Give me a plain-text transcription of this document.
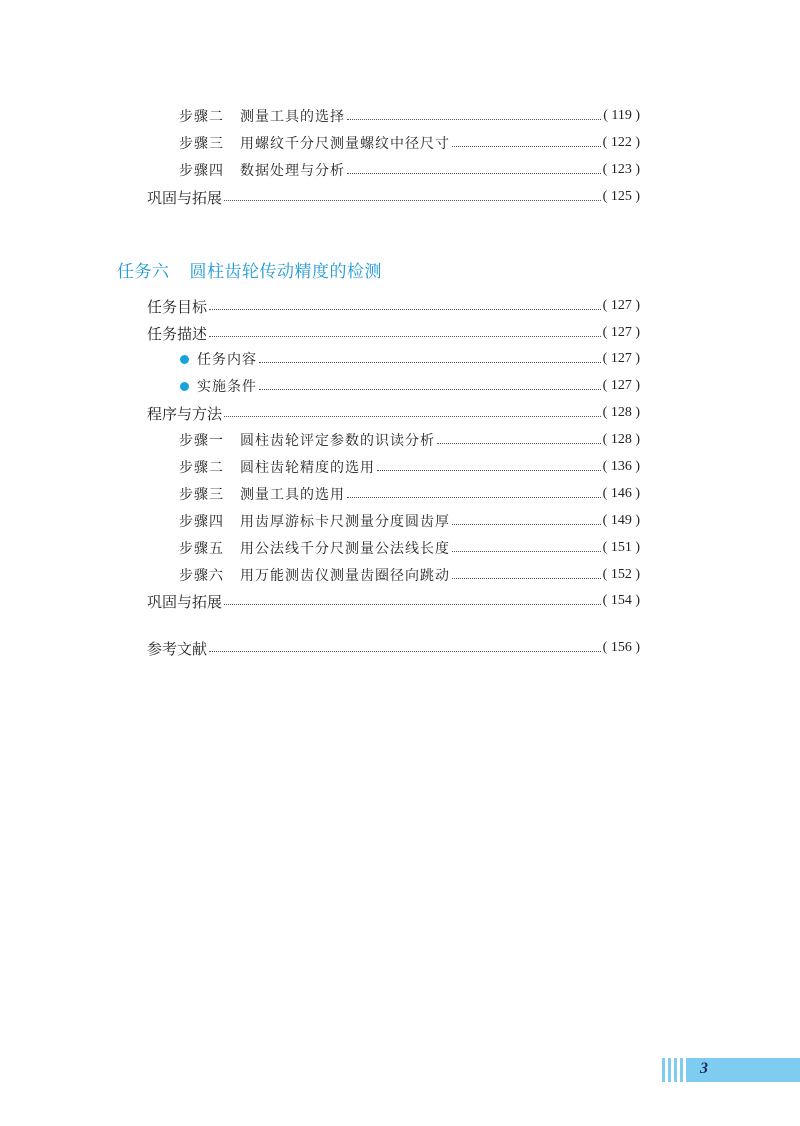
步骤二 测量工具的选择	( 119 )
步骤三 用螺纹千分尺测量螺纹中径尺寸	( 122 )
步骤四 数据处理与分析	( 123 )
巩固与拓展	( 125 )
任务六 圆柱齿轮传动精度的检测
任务目标	( 127 )
任务描述	( 127 )
任务内容	( 127 )
实施条件	( 127 )
程序与方法	( 128 )
步骤一 圆柱齿轮评定参数的识读分析	( 128 )
步骤二 圆柱齿轮精度的选用	( 136 )
步骤三 测量工具的选用	( 146 )
步骤四 用齿厚游标卡尺测量分度圆齿厚	( 149 )
步骤五 用公法线千分尺测量公法线长度	( 151 )
步骤六 用万能测齿仪测量齿圈径向跳动	( 152 )
巩固与拓展	( 154 )
参考文献	( 156 )
3
